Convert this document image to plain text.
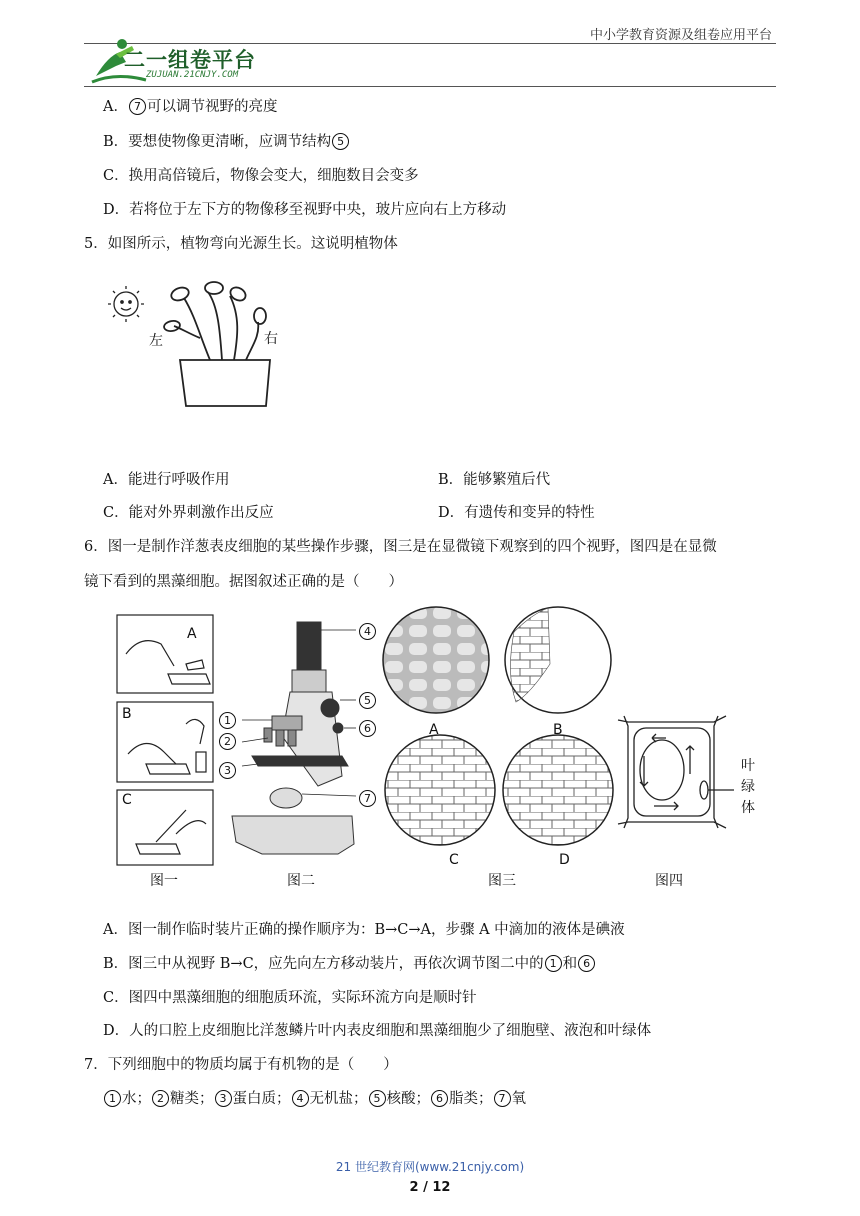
中小学教育资源及组卷应用平台
二一组卷平台
ZUJUAN.21CNJY.COM
A． 7 可以调节视野的亮度
B．要想使物像更清晰，应调节结构 5
C．换用高倍镜后，物像会变大，细胞数目会变多
D．若将位于左下方的物像移至视野中央，玻片应向右上方移动
5．如图所示，植物弯向光源生长。这说明植物体
左	右
A．能进行呼吸作用	B．能够繁殖后代
C．能对外界刺激作出反应	D．有遗传和变异的特性
6．图一是制作洋葱表皮细胞的某些操作步骤，图三是在显微镜下观察到的四个视野，图四是在显微
镜下看到的黑藻细胞。据图叙述正确的是（　　）
A
B
C
4
5
6
1
2
3
7
A	B
C	D
叶
绿
体
图一	图二	图三	图四
A．图一制作临时装片正确的操作顺序为：B→C→A，步骤 A 中滴加的液体是碘液
B．图三中从视野 B→C，应先向左方移动装片，再依次调节图二中的 1 和 6
C．图四中黑藻细胞的细胞质环流，实际环流方向是顺时针
D．人的口腔上皮细胞比洋葱鳞片叶内表皮细胞和黑藻细胞少了细胞壁、液泡和叶绿体
7．下列细胞中的物质均属于有机物的是（　　）
1 水； 2 糖类； 3 蛋白质； 4 无机盐； 5 核酸； 6 脂类； 7 氧
21 世纪教育网(www.21cnjy.com)
2 / 12
